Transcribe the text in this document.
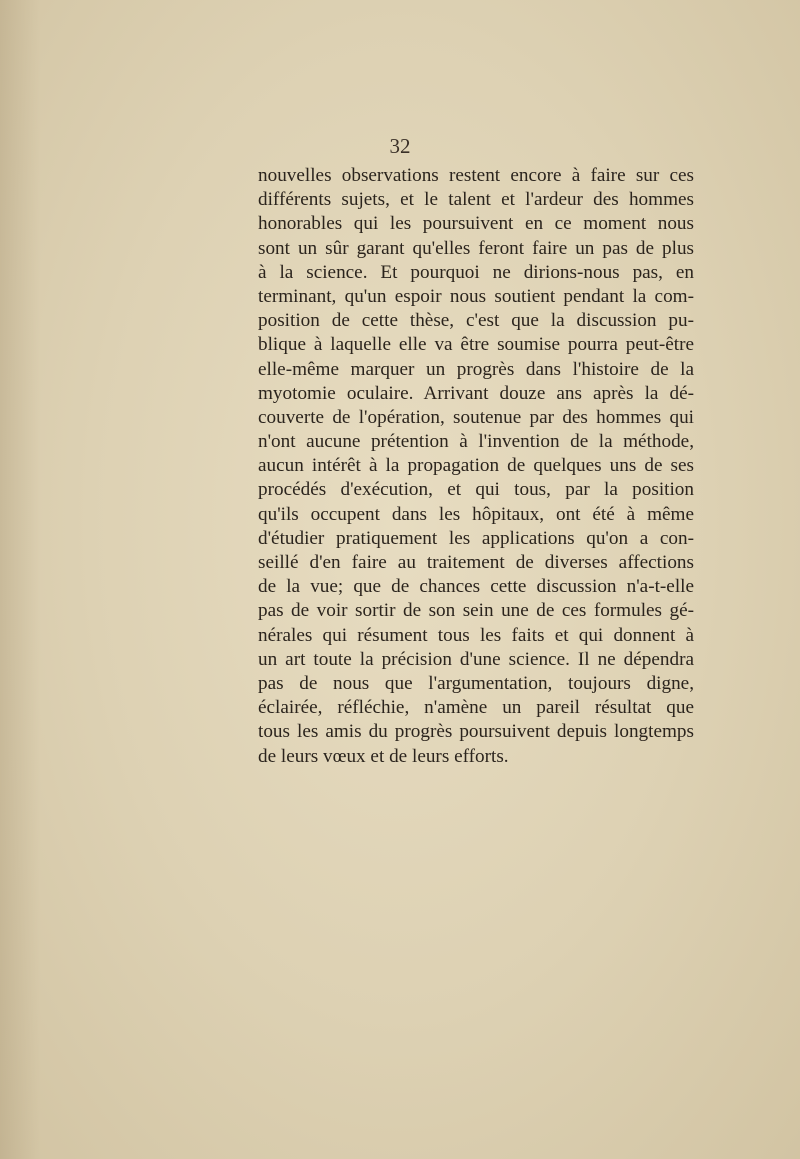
32
nouvelles observations restent encore à faire sur ces
différents sujets, et le talent et l'ardeur des hommes
honorables qui les poursuivent en ce moment nous
sont un sûr garant qu'elles feront faire un pas de plus
à la science. Et pourquoi ne dirions-nous pas, en
terminant, qu'un espoir nous soutient pendant la com-
position de cette thèse, c'est que la discussion pu-
blique à laquelle elle va être soumise pourra peut-être
elle-même marquer un progrès dans l'histoire de la
myotomie oculaire. Arrivant douze ans après la dé-
couverte de l'opération, soutenue par des hommes qui
n'ont aucune prétention à l'invention de la méthode,
aucun intérêt à la propagation de quelques uns de ses
procédés d'exécution, et qui tous, par la position
qu'ils occupent dans les hôpitaux, ont été à même
d'étudier pratiquement les applications qu'on a con-
seillé d'en faire au traitement de diverses affections
de la vue; que de chances cette discussion n'a-t-elle
pas de voir sortir de son sein une de ces formules gé-
nérales qui résument tous les faits et qui donnent à
un art toute la précision d'une science. Il ne dépendra
pas de nous que l'argumentation, toujours digne,
éclairée, réfléchie, n'amène un pareil résultat que
tous les amis du progrès poursuivent depuis longtemps
de leurs vœux et de leurs efforts.
